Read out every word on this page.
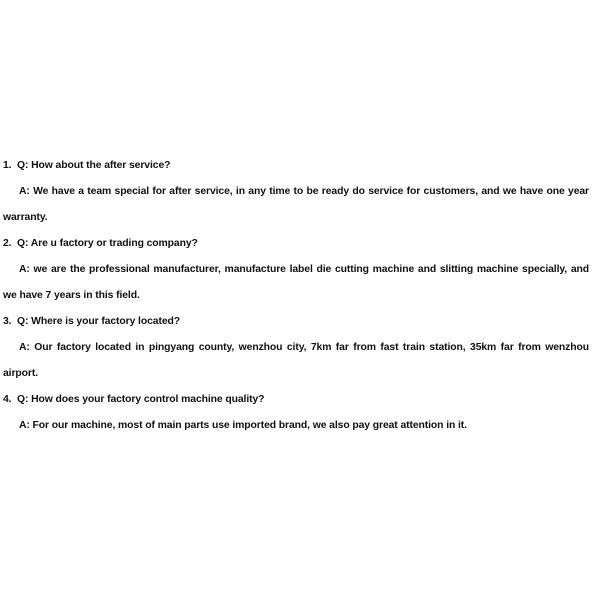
1. Q: How about the after service?
A: We have a team special for after service, in any time to be ready do service for customers, and we have one year
warranty.
2. Q: Are u factory or trading company?
A: we are the professional manufacturer, manufacture label die cutting machine and slitting machine specially, and
we have 7 years in this field.
3. Q: Where is your factory located?
A: Our factory located in pingyang county, wenzhou city, 7km far from fast train station, 35km far from wenzhou
airport.
4. Q: How does your factory control machine quality?
A: For our machine, most of main parts use imported brand, we also pay great attention in it.
